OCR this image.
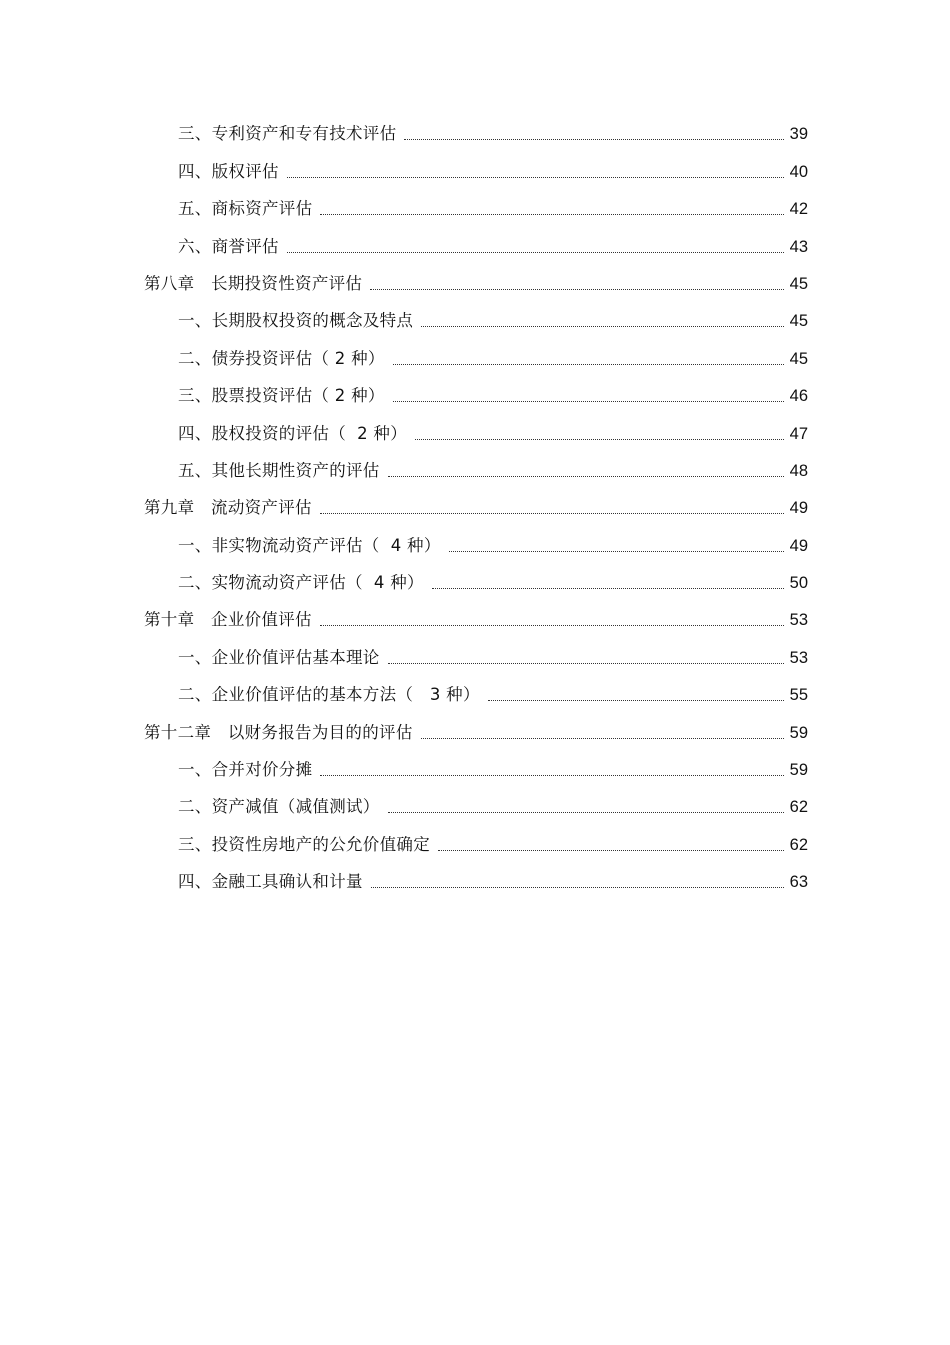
三、专利资产和专有技术评估	39
四、版权评估	40
五、商标资产评估	42
六、商誉评估	43
第八章   长期投资性资产评估	45
一、长期股权投资的概念及特点	45
二、债券投资评估（ 2 种）	45
三、股票投资评估（ 2 种）	46
四、股权投资的评估（  2 种）	47
五、其他长期性资产的评估	48
第九章   流动资产评估	49
一、非实物流动资产评估（  4 种）	49
二、实物流动资产评估（  4 种）	50
第十章   企业价值评估	53
一、企业价值评估基本理论	53
二、企业价值评估的基本方法（   3 种）	55
第十二章   以财务报告为目的的评估	59
一、合并对价分摊	59
二、资产减值（减值测试）	62
三、投资性房地产的公允价值确定	62
四、金融工具确认和计量	63
